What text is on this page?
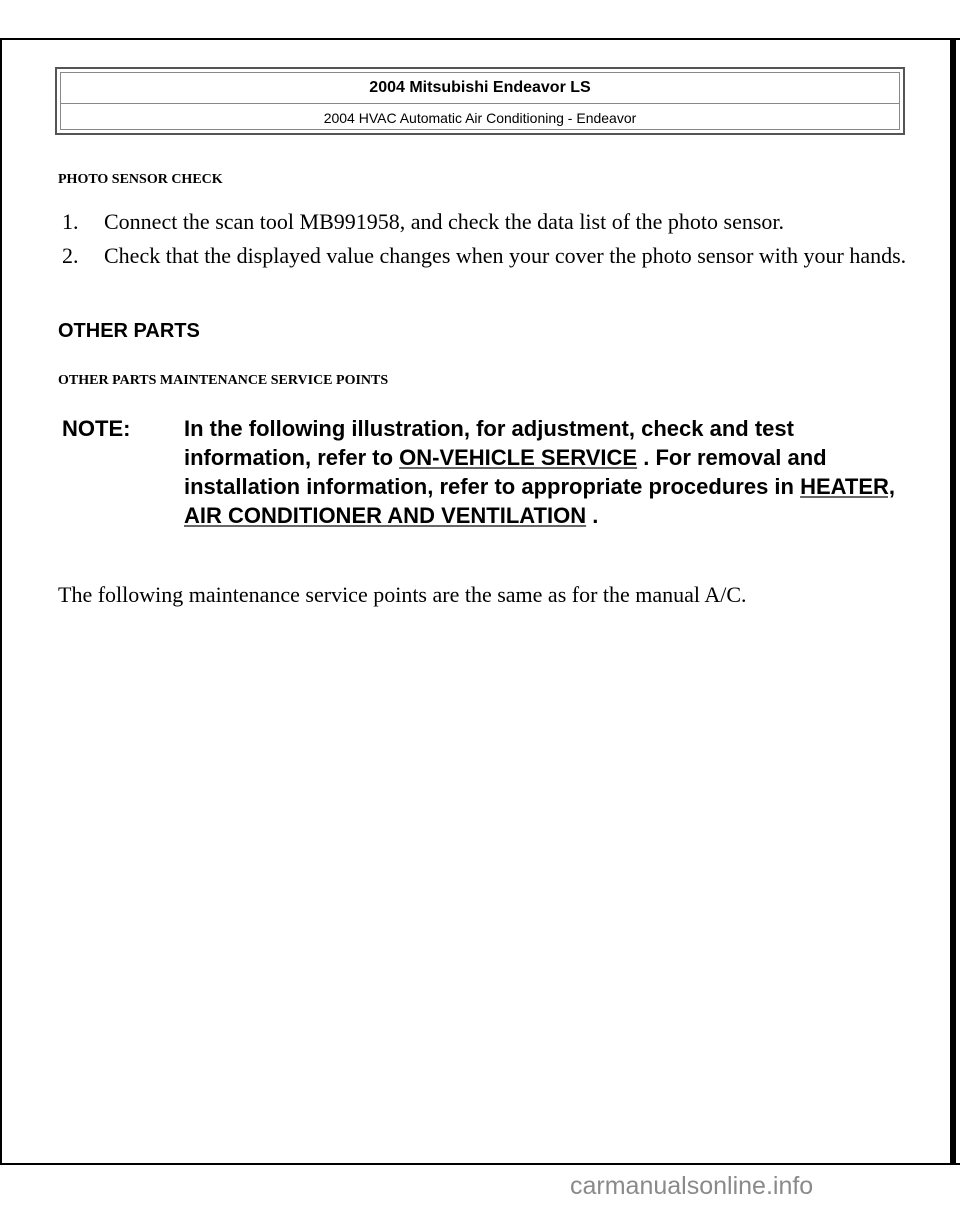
2004 Mitsubishi Endeavor LS
2004 HVAC Automatic Air Conditioning - Endeavor
PHOTO SENSOR CHECK
1. Connect the scan tool MB991958, and check the data list of the photo sensor.
2. Check that the displayed value changes when your cover the photo sensor with your hands.
OTHER PARTS
OTHER PARTS MAINTENANCE SERVICE POINTS
NOTE: In the following illustration, for adjustment, check and test information, refer to ON-VEHICLE SERVICE . For removal and installation information, refer to appropriate procedures in HEATER, AIR CONDITIONER AND VENTILATION .
The following maintenance service points are the same as for the manual A/C.
carmanualsonline.info
